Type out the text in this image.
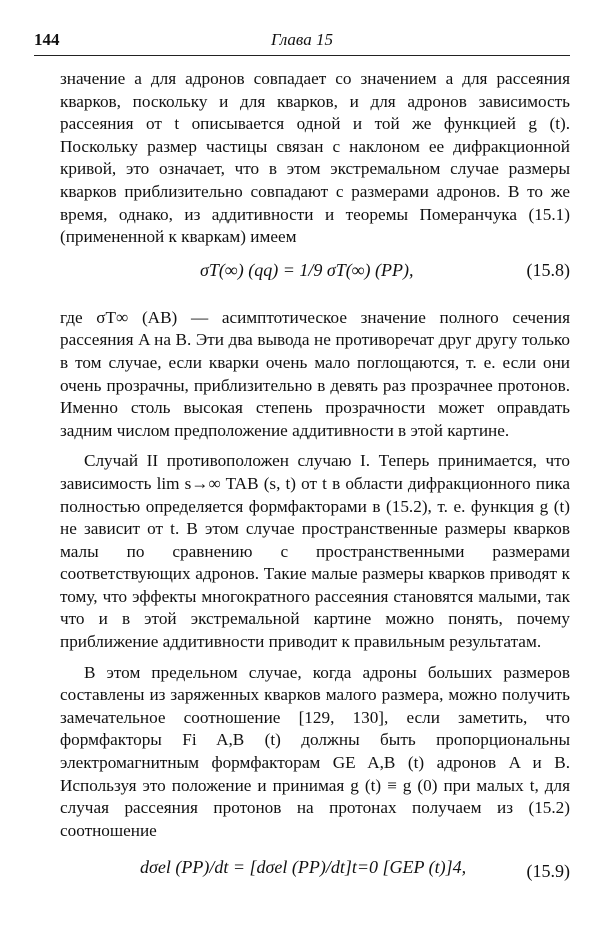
144	Глава 15

значение a для адронов совпадает со значением a для рассеяния кварков, поскольку и для кварков, и для адронов зависимость рассеяния от t описывается одной и той же функцией g (t). Поскольку размер частицы связан с наклоном ее дифракционной кривой, это означает, что в этом экстремальном случае размеры кварков приблизительно совпадают с размерами адронов. В то же время, однако, из аддитивности и теоремы Померанчука (15.1) (примененной к кваркам) имеем

σT(∞) (qq) = 1/9 σT(∞) (PP),	(15.8)

где σT∞ (AB) — асимптотическое значение полного сечения рассеяния A на B. Эти два вывода не противоречат друг другу только в том случае, если кварки очень мало поглощаются, т. е. если они очень прозрачны, приблизительно в девять раз прозрачнее протонов. Именно столь высокая степень прозрачности может оправдать задним числом предположение аддитивности в этой картине.

Случай II противоположен случаю I. Теперь принимается, что зависимость lim s→∞ TAB (s, t) от t в области дифракционного пика полностью определяется формфакторами в (15.2), т. е. функция g (t) не зависит от t. В этом случае пространственные размеры кварков малы по сравнению с пространственными размерами соответствующих адронов. Такие малые размеры кварков приводят к тому, что эффекты многократного рассеяния становятся малыми, так что и в этой экстремальной картине можно понять, почему приближение аддитивности приводит к правильным результатам.

В этом предельном случае, когда адроны больших размеров составлены из заряженных кварков малого размера, можно получить замечательное соотношение [129, 130], если заметить, что формфакторы Fi A,B (t) должны быть пропорциональны электромагнитным формфакторам GE A,B (t) адронов A и B. Используя это положение и принимая g (t) ≡ g (0) при малых t, для случая рассеяния протонов на протонах получаем из (15.2) соотношение

dσel (PP)/dt = [dσel (PP)/dt]t=0 [GEP (t)]4,	(15.9)
